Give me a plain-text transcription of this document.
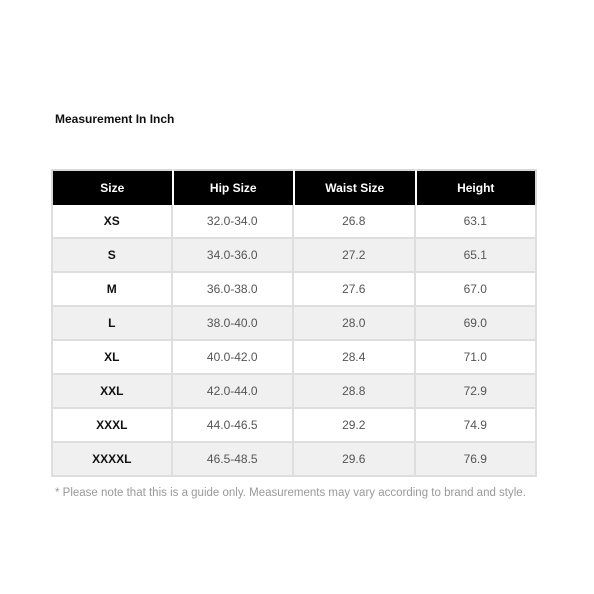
Measurement In Inch
Size	Hip Size	Waist Size	Height
XS	32.0-34.0	26.8	63.1
S	34.0-36.0	27.2	65.1
M	36.0-38.0	27.6	67.0
L	38.0-40.0	28.0	69.0
XL	40.0-42.0	28.4	71.0
XXL	42.0-44.0	28.8	72.9
XXXL	44.0-46.5	29.2	74.9
XXXXL	46.5-48.5	29.6	76.9
* Please note that this is a guide only. Measurements may vary according to brand and style.
